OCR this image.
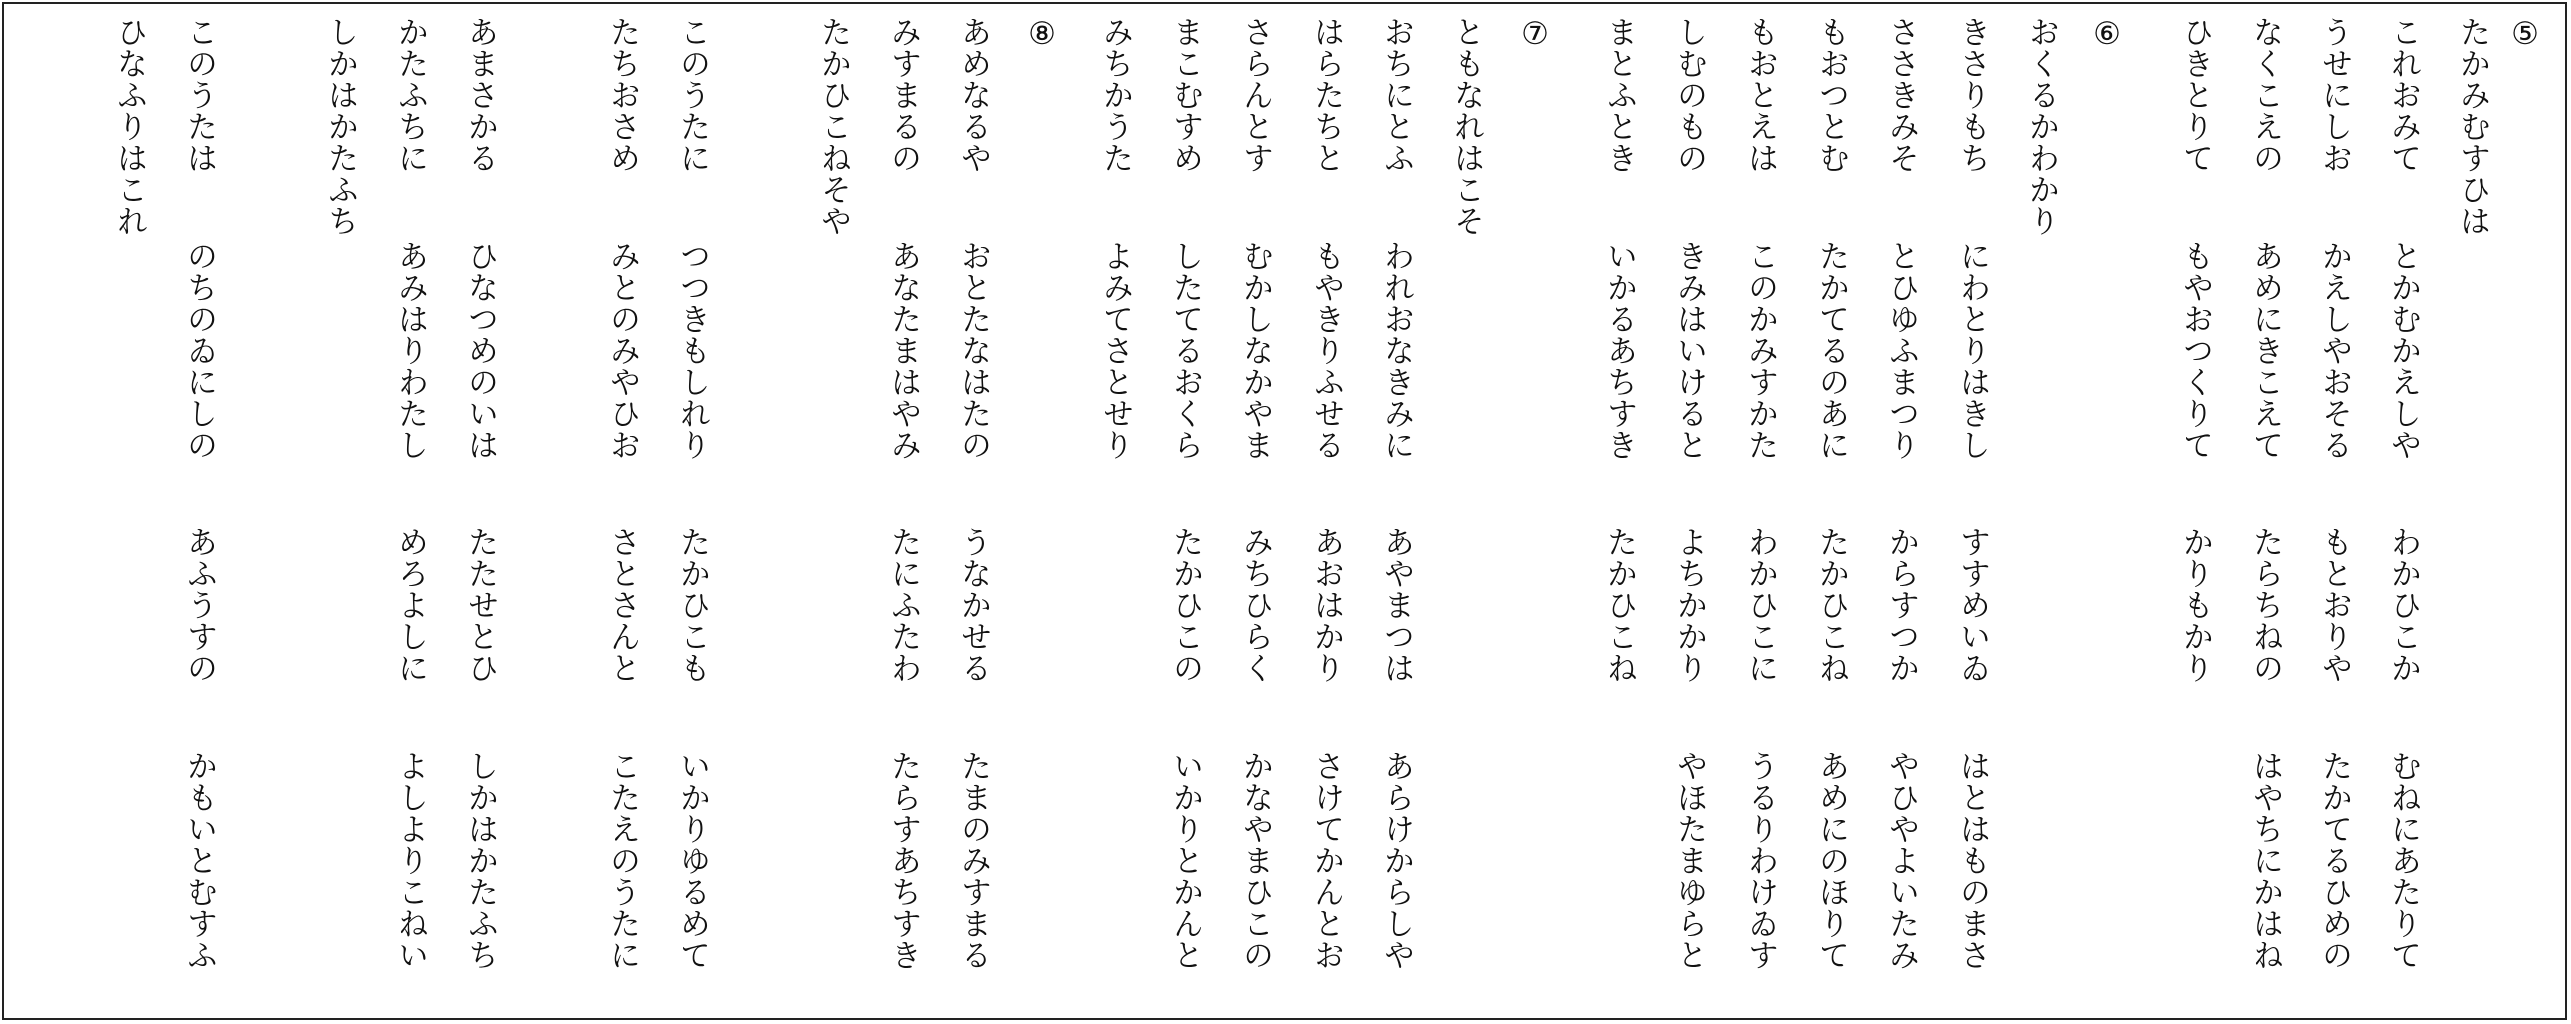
⑤
たかみむすひは
これおみてとかむかえしやわかひこかむねにあたりて
うせにしおかえしやおそるもとおりやたかてるひめの
なくこえのあめにきこえてたらちねのはやちにかはね
ひきとりてもやおつくりてかりもかり
⑥
おくるかわかり
きさりもちにわとりはきしすすめいゐはとはものまさ
ささきみそとひゆふまつりからすつかやひやよいたみ
もおつとむたかてるのあにたかひこねあめにのほりて
もおとえはこのかみすかたわかひこにうるりわけゐす
しむのものきみはいけるとよちかかりやほたまゆらと
まとふときいかるあちすきたかひこね
⑦
ともなれはこそ
おちにとふわれおなきみにあやまつはあらけからしや
はらたちともやきりふせるあおはかりさけてかんとお
さらんとすむかしなかやまみちひらくかなやまひこの
まこむすめしたてるおくらたかひこのいかりとかんと
みちかうたよみてさとせり
⑧
あめなるやおとたなはたのうなかせるたまのみすまる
みすまるのあなたまはやみたにふたわたらすあちすき
たかひこねそや
このうたにつつきもしれりたかひこもいかりゆるめて
たちおさめみとのみやひおさとさんとこたえのうたに
あまさかるひなつめのいはたたせとひしかはかたふち
かたふちにあみはりわたしめろよしによしよりこねい
しかはかたふち
このうたはのちのゐにしのあふうすのかもいとむすふ
ひなふりはこれ
